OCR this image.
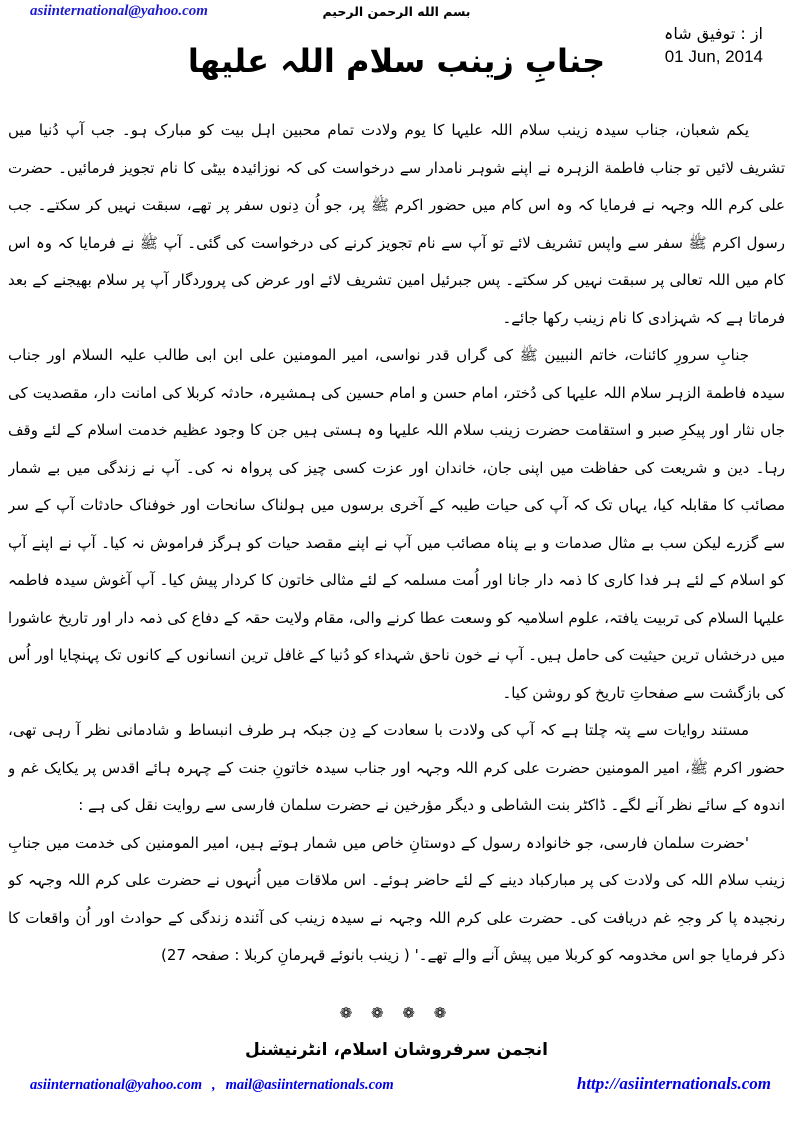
asiinternational@yahoo.com	بسم الله الرحمن الرحيم
از : توفیق شاہ
01 Jun, 2014
جنابِ زینب سلام اللہ علیھا

یکم شعبان، جناب سیدہ زینب سلام اللہ علیہا کا یوم ولادت تمام محبین اہل بیت کو مبارک ہو۔ جب آپ دُنیا میں تشریف لائیں تو جناب فاطمة الزہرہ نے اپنے شوہر نامدار سے درخواست کی کہ نوزائیدہ بیٹی کا نام تجویز فرمائیں۔ حضرت علی کرم اللہ وجہہ نے فرمایا کہ وہ اس کام میں حضور اکرم ﷺ پر، جو اُن دِنوں سفر پر تھے، سبقت نہیں کر سکتے۔ جب رسول اکرم ﷺ سفر سے واپس تشریف لائے تو آپ سے نام تجویز کرنے کی درخواست کی گئی۔ آپ ﷺ نے فرمایا کہ وہ اس کام میں اللہ تعالی پر سبقت نہیں کر سکتے۔ پس جبرئیل امین تشریف لائے اور عرض کی پروردگار آپ پر سلام بھیجنے کے بعد فرماتا ہے کہ شہزادی کا نام زینب رکھا جائے۔

جنابِ سرورِ کائنات، خاتم النبیین ﷺ کی گراں قدر نواسی، امیر المومنین علی ابن ابی طالب علیہ السلام اور جناب سیدہ فاطمة الزہر سلام اللہ علیہا کی دُختر، امام حسن و امام حسین کی ہمشیرہ، حادثہ کربلا کی امانت دار، مقصدیت کی جاں نثار اور پیکرِ صبر و استقامت حضرت زینب سلام اللہ علیہا وہ ہستی ہیں جن کا وجود عظیم خدمت اسلام کے لئے وقف رہا۔ دین و شریعت کی حفاظت میں اپنی جان، خاندان اور عزت کسی چیز کی پرواہ نہ کی۔ آپ نے زندگی میں بے شمار مصائب کا مقابلہ کیا، یہاں تک کہ آپ کی حیات طیبہ کے آخری برسوں میں ہولناک سانحات اور خوفناک حادثات آپ کے سر سے گزرے لیکن سب بے مثال صدمات و بے پناہ مصائب میں آپ نے اپنے مقصد حیات کو ہرگز فراموش نہ کیا۔ آپ نے اپنے آپ کو اسلام کے لئے ہر فدا کاری کا ذمہ دار جانا اور اُمت مسلمہ کے لئے مثالی خاتون کا کردار پیش کیا۔ آپ آغوش سیدہ فاطمہ علیہا السلام کی تربیت یافتہ، علوم اسلامیہ کو وسعت عطا کرنے والی، مقام ولایت حقہ کے دفاع کی ذمہ دار اور تاریخ عاشورا میں درخشاں ترین حیثیت کی حامل ہیں۔ آپ نے خون ناحق شہداء کو دُنیا کے غافل ترین انسانوں کے کانوں تک پہنچایا اور اُس کی بازگشت سے صفحاتِ تاریخ کو روشن کیا۔

مستند روایات سے پتہ چلتا ہے کہ آپ کی ولادت با سعادت کے دِن جبکہ ہر طرف انبساط و شادمانی نظر آ رہی تھی، حضور اکرم ﷺ، امیر المومنین حضرت علی کرم اللہ وجہہ اور جناب سیدہ خاتونِ جنت کے چہرہ ہائے اقدس پر یکایک غم و اندوہ کے سائے نظر آنے لگے۔ ڈاکٹر بنت الشاطی و دیگر مؤرخین نے حضرت سلمان فارسی سے روایت نقل کی ہے :

'حضرت سلمان فارسی، جو خانوادہ رسول کے دوستانِ خاص میں شمار ہوتے ہیں، امیر المومنین کی خدمت میں جنابِ زینب سلام اللہ کی ولادت کی پر مبارکباد دینے کے لئے حاضر ہوئے۔ اس ملاقات میں اُنہوں نے حضرت علی کرم اللہ وجہہ کو رنجیدہ پا کر وجہِ غم دریافت کی۔ حضرت علی کرم اللہ وجہہ نے سیدہ زینب کی آئندہ زندگی کے حوادث اور اُن واقعات کا ذکر فرمایا جو اس مخدومہ کو کربلا میں پیش آنے والے تھے۔' ( زینب بانوئے قہرمانِ کربلا : صفحہ 27)

❁ ❁ ❁ ❁
انجمن سرفروشان اسلام، انٹرنیشنل
asiinternational@yahoo.com , mail@asiinternationals.com	http://asiinternationals.com
